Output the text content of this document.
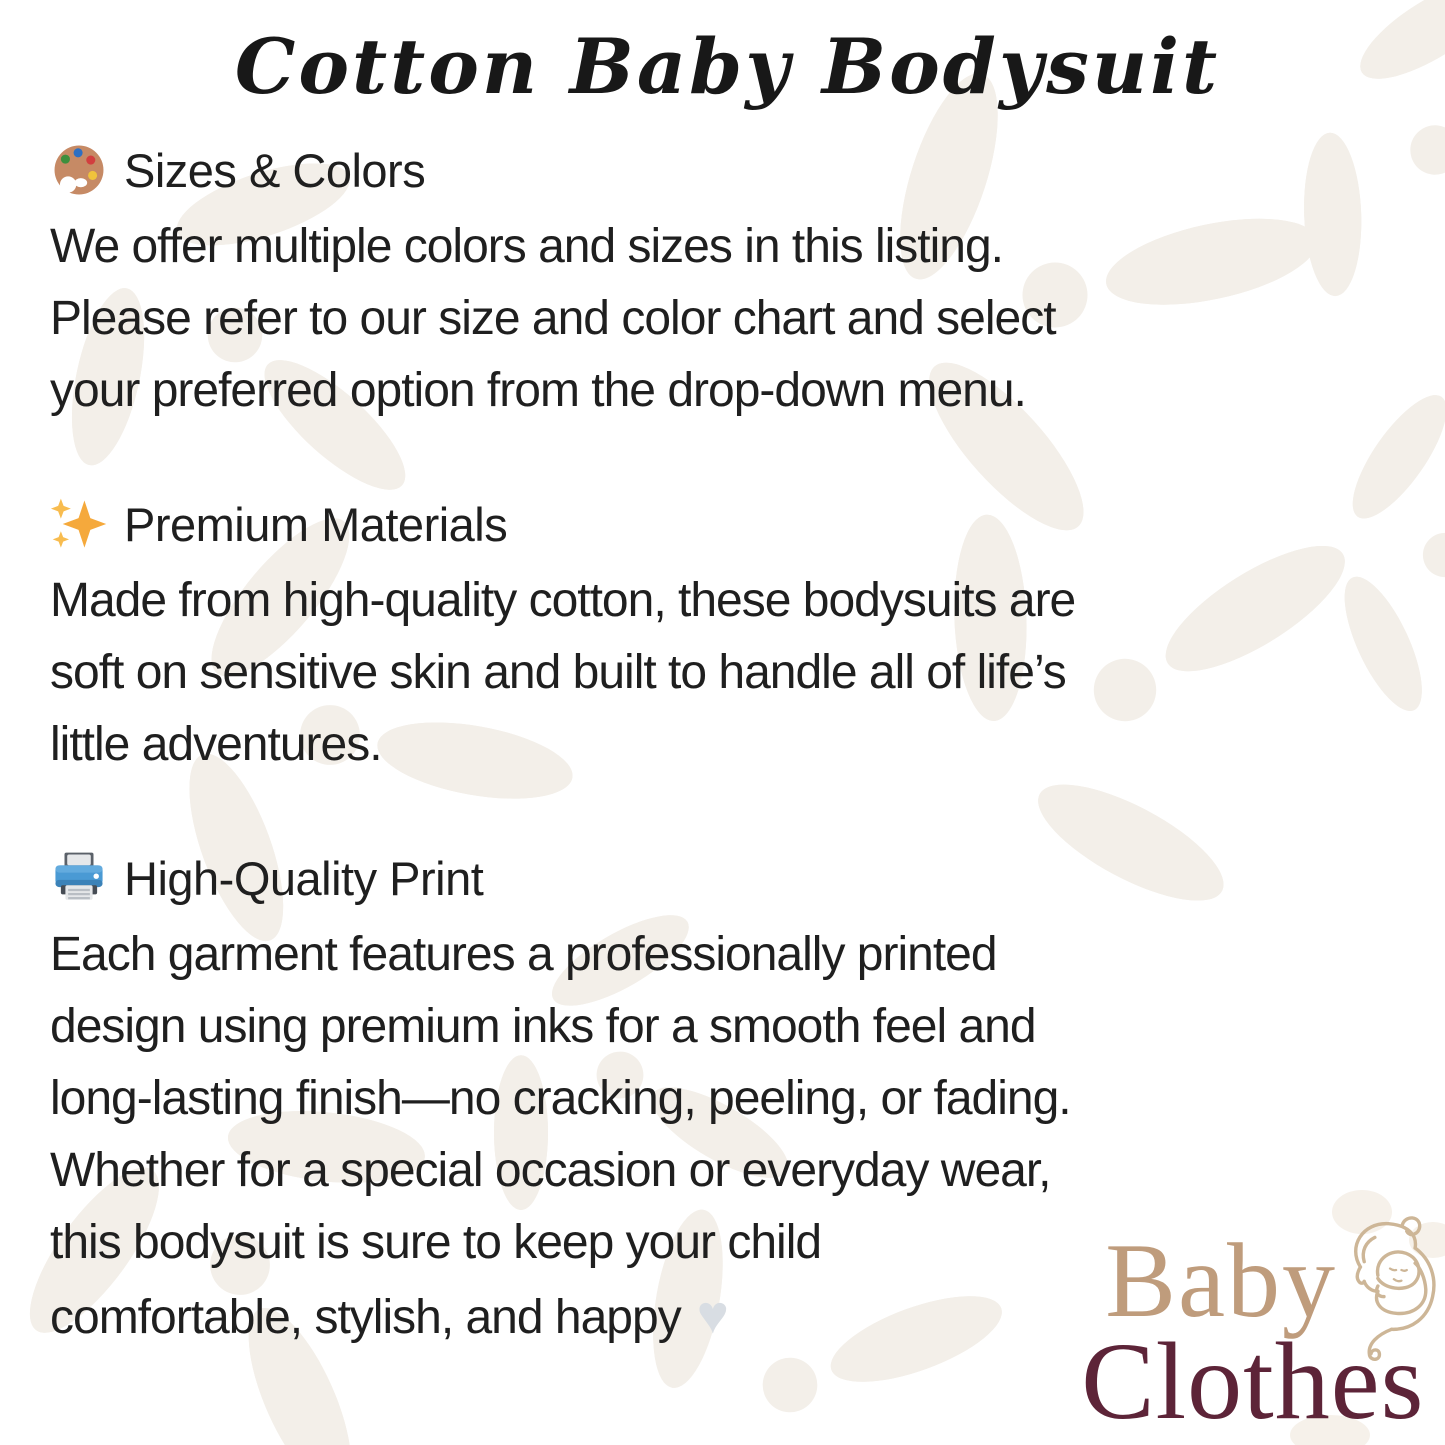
Cotton Baby Bodysuit
Sizes & Colors
We offer multiple colors and sizes in this listing.
Please refer to our size and color chart and select
your preferred option from the drop-down menu.
Premium Materials
Made from high-quality cotton, these bodysuits are
soft on sensitive skin and built to handle all of life’s
little adventures.
High-Quality Print
Each garment features a professionally printed
design using premium inks for a smooth feel and
long-lasting finish—no cracking, peeling, or fading.
Whether for a special occasion or everyday wear,
this bodysuit is sure to keep your child
comfortable, stylish, and happy ♥	Baby
Clothes
